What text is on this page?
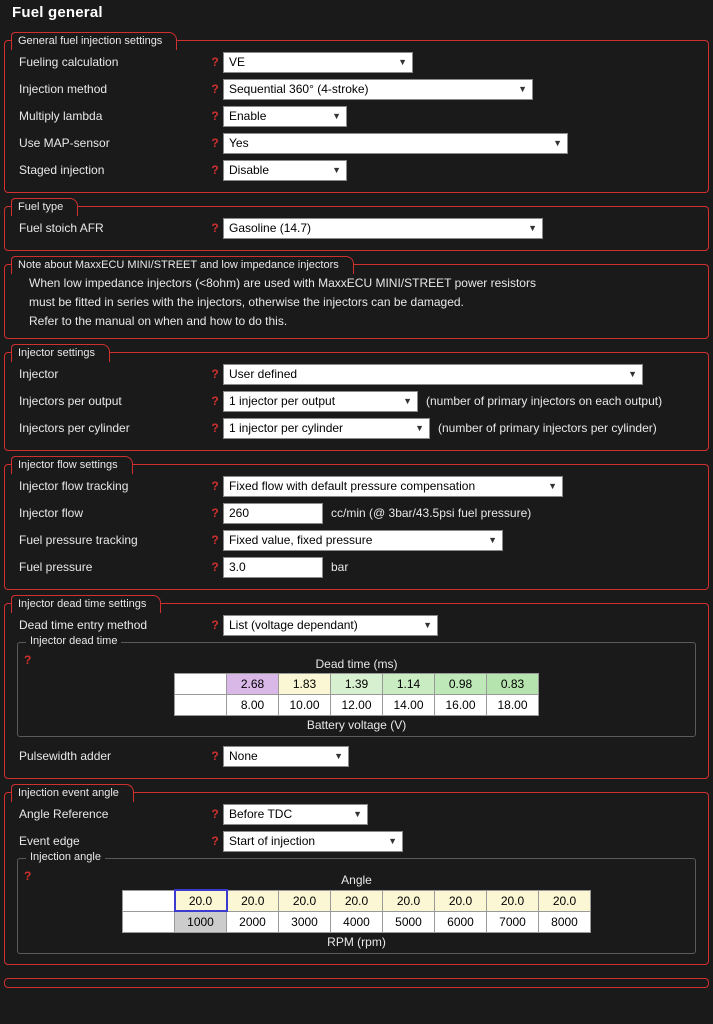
Fuel general
General fuel injection settings
Fueling calculation	? VE	▼
Injection method	? Sequential 360° (4-stroke)	▼
Multiply lambda	? Enable	▼
Use MAP-sensor	? Yes	▼
Staged injection	? Disable	▼
Fuel type
Fuel stoich AFR	? Gasoline (14.7)	▼
Note about MaxxECU MINI/STREET and low impedance injectors
When low impedance injectors (<8ohm) are used with MaxxECU MINI/STREET power resistors
must be fitted in series with the injectors, otherwise the injectors can be damaged.
Refer to the manual on when and how to do this.
Injector settings
Injector	? User defined	▼
Injectors per output	? 1 injector per output	▼	(number of primary injectors on each output)
Injectors per cylinder	? 1 injector per cylinder	▼	(number of primary injectors per cylinder)
Injector flow settings
Injector flow tracking	? Fixed flow with default pressure compensation	▼
Injector flow	? 260	cc/min (@ 3bar/43.5psi fuel pressure)
Fuel pressure tracking	? Fixed value, fixed pressure	▼
Fuel pressure	? 3.0	bar
Injector dead time settings
Dead time entry method	? List (voltage dependant)	▼
Injector dead time
?	Dead time (ms)
	2.68	1.83	1.39	1.14	0.98	0.83
	8.00	10.00	12.00	14.00	16.00	18.00
Battery voltage (V)
Pulsewidth adder	? None	▼
Injection event angle
Angle Reference	? Before TDC	▼
Event edge	? Start of injection	▼
Injection angle
?	Angle
	20.0	20.0	20.0	20.0	20.0	20.0	20.0	20.0
	1000	2000	3000	4000	5000	6000	7000	8000
RPM (rpm)
